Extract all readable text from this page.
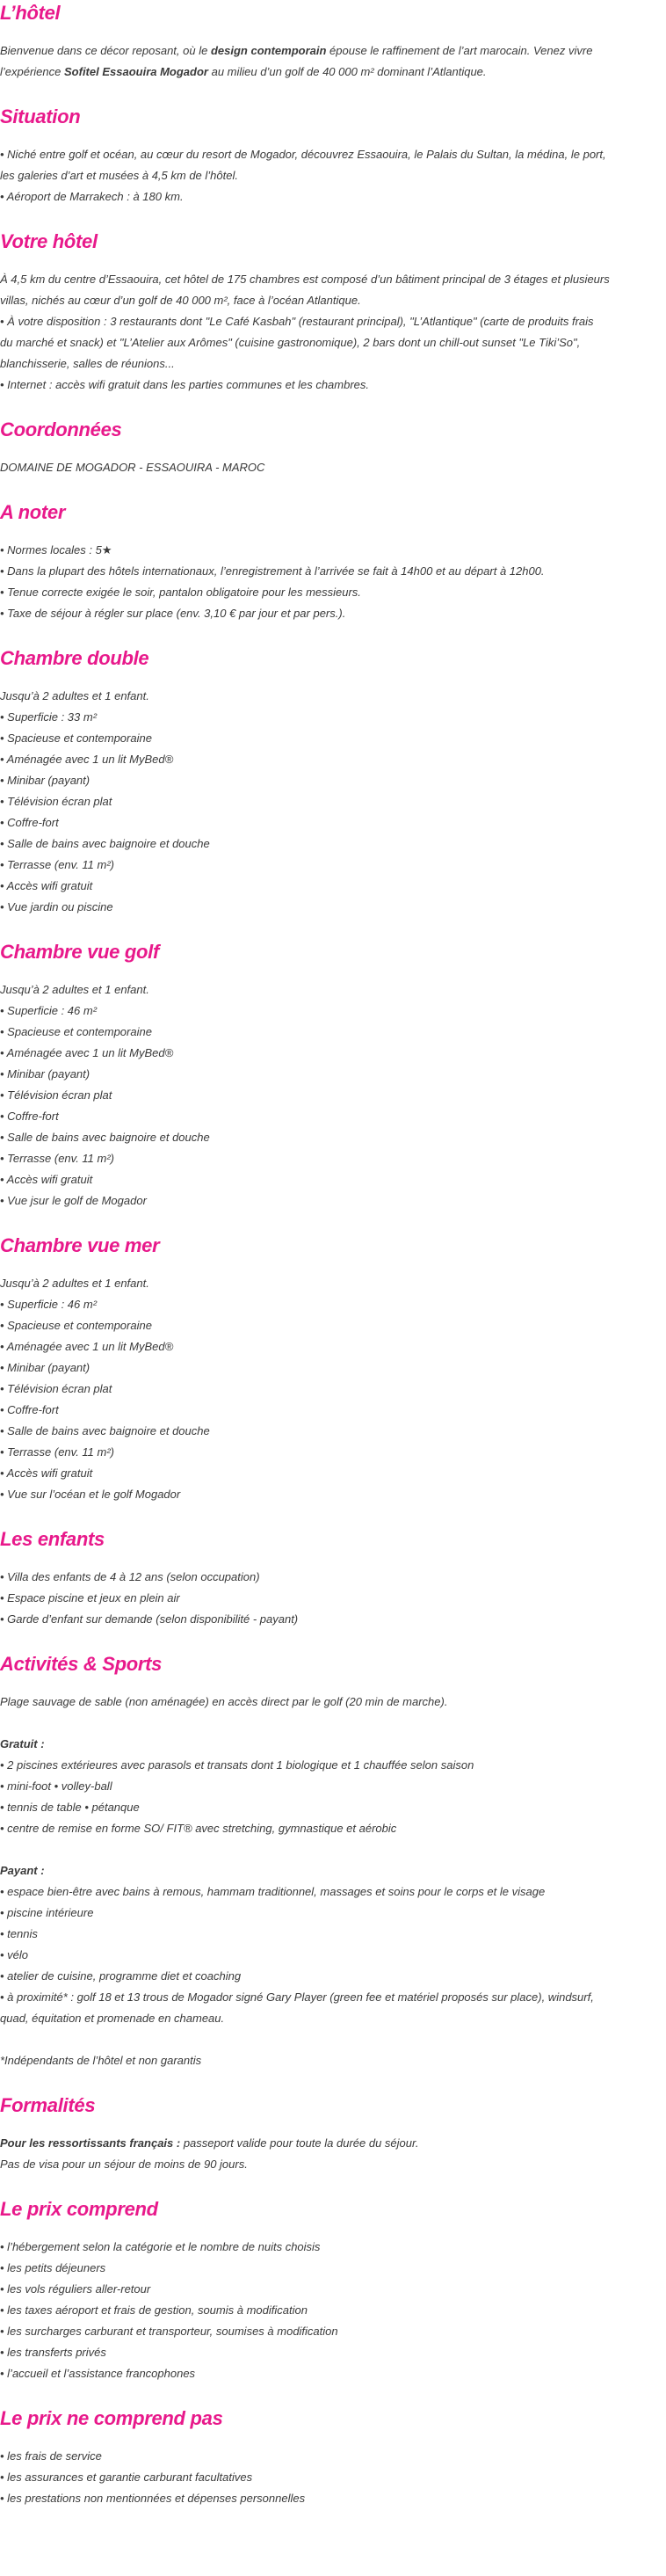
L’hôtel

Bienvenue dans ce décor reposant, où le design contemporain épouse le raffinement de l’art marocain. Venez vivre

l’expérience Sofitel Essaouira Mogador au milieu d’un golf de 40 000 m² dominant l’Atlantique.

Situation

• Niché entre golf et océan, au cœur du resort de Mogador, découvrez Essaouira, le Palais du Sultan, la médina, le port,

les galeries d’art et musées à 4,5 km de l’hôtel.

• Aéroport de Marrakech : à 180 km.

Votre hôtel

À 4,5 km du centre d’Essaouira, cet hôtel de 175 chambres est composé d’un bâtiment principal de 3 étages et plusieurs

villas, nichés au cœur d’un golf de 40 000 m², face à l’océan Atlantique.

• À votre disposition : 3 restaurants dont "Le Café Kasbah" (restaurant principal), "L’Atlantique" (carte de produits frais

du marché et snack) et "L’Atelier aux Arômes" (cuisine gastronomique), 2 bars dont un chill-out sunset "Le Tiki’So",

blanchisserie, salles de réunions...

• Internet : accès wifi gratuit dans les parties communes et les chambres.

Coordonnées

DOMAINE DE MOGADOR - ESSAOUIRA - MAROC

A noter

• Normes locales : 5★

• Dans la plupart des hôtels internationaux, l’enregistrement à l’arrivée se fait à 14h00 et au départ à 12h00.

• Tenue correcte exigée le soir, pantalon obligatoire pour les messieurs.

• Taxe de séjour à régler sur place (env. 3,10 € par jour et par pers.).

Chambre double

Jusqu’à 2 adultes et 1 enfant.

• Superficie : 33 m²

• Spacieuse et contemporaine

• Aménagée avec 1 un lit MyBed®

• Minibar (payant)

• Télévision écran plat

• Coffre-fort

• Salle de bains avec baignoire et douche

• Terrasse (env. 11 m²)

• Accès wifi gratuit

• Vue jardin ou piscine

Chambre vue golf

Jusqu’à 2 adultes et 1 enfant.

• Superficie : 46 m²

• Spacieuse et contemporaine

• Aménagée avec 1 un lit MyBed®

• Minibar (payant)

• Télévision écran plat

• Coffre-fort

• Salle de bains avec baignoire et douche

• Terrasse (env. 11 m²)

• Accès wifi gratuit

• Vue jsur le golf de Mogador

Chambre vue mer

Jusqu’à 2 adultes et 1 enfant.

• Superficie : 46 m²

• Spacieuse et contemporaine

• Aménagée avec 1 un lit MyBed®

• Minibar (payant)

• Télévision écran plat

• Coffre-fort

• Salle de bains avec baignoire et douche

• Terrasse (env. 11 m²)

• Accès wifi gratuit

• Vue sur l’océan et le golf Mogador

Les enfants

• Villa des enfants de 4 à 12 ans (selon occupation)

• Espace piscine et jeux en plein air

• Garde d’enfant sur demande (selon disponibilité - payant)

Activités & Sports

Plage sauvage de sable (non aménagée) en accès direct par le golf (20 min de marche).

Gratuit :

• 2 piscines extérieures avec parasols et transats dont 1 biologique et 1 chauffée selon saison

• mini-foot • volley-ball

• tennis de table • pétanque

• centre de remise en forme SO/ FIT® avec stretching, gymnastique et aérobic

Payant :

• espace bien-être avec bains à remous, hammam traditionnel, massages et soins pour le corps et le visage

• piscine intérieure

• tennis

• vélo

• atelier de cuisine, programme diet et coaching

• à proximité* : golf 18 et 13 trous de Mogador signé Gary Player (green fee et matériel proposés sur place), windsurf,

quad, équitation et promenade en chameau.

*Indépendants de l’hôtel et non garantis

Formalités

Pour les ressortissants français : passeport valide pour toute la durée du séjour.

Pas de visa pour un séjour de moins de 90 jours.

Le prix comprend

• l’hébergement selon la catégorie et le nombre de nuits choisis

• les petits déjeuners

• les vols réguliers aller-retour

• les taxes aéroport et frais de gestion, soumis à modification

• les surcharges carburant et transporteur, soumises à modification

• les transferts privés

• l’accueil et l’assistance francophones

Le prix ne comprend pas

• les frais de service

• les assurances et garantie carburant facultatives

• les prestations non mentionnées et dépenses personnelles
